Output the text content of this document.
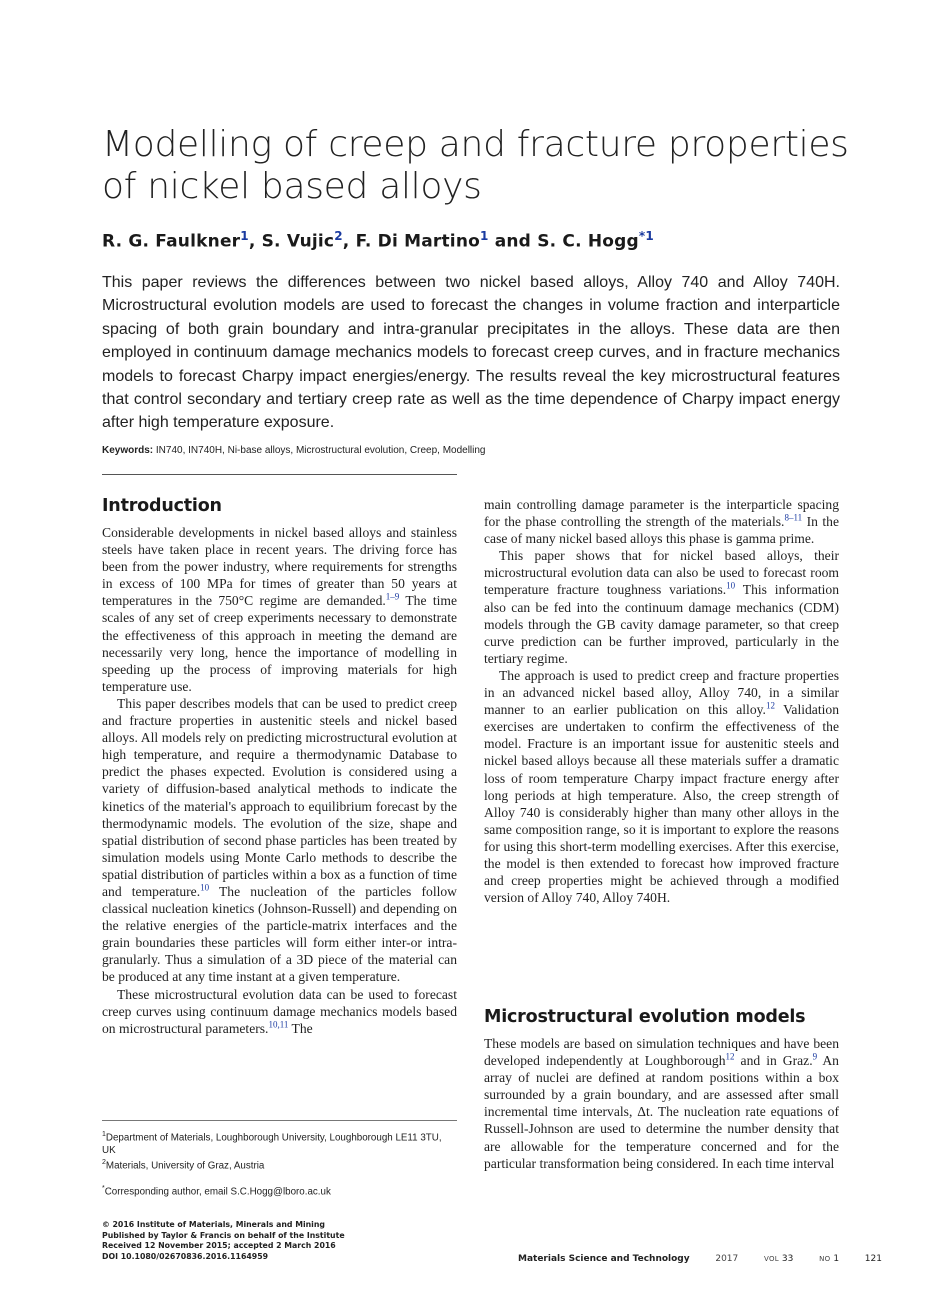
Modelling of creep and fracture properties of nickel based alloys
R. G. Faulkner$^1$, S. Vujic$^2$, F. Di Martino$^1$ and S. C. Hogg$^{*1}$
This paper reviews the differences between two nickel based alloys, Alloy 740 and Alloy 740H. Microstructural evolution models are used to forecast the changes in volume fraction and interparticle spacing of both grain boundary and intra-granular precipitates in the alloys. These data are then employed in continuum damage mechanics models to forecast creep curves, and in fracture mechanics models to forecast Charpy impact energies/energy. The results reveal the key microstructural features that control secondary and tertiary creep rate as well as the time dependence of Charpy impact energy after high temperature exposure.
Keywords: IN740, IN740H, Ni-base alloys, Microstructural evolution, Creep, Modelling
Introduction

Considerable developments in nickel based alloys and stainless steels have taken place in recent years. The driving force has been from the power industry, where requirements for strengths in excess of 100 MPa for times of greater than 50 years at temperatures in the 750°C regime are demanded.$^{1-9}$ The time scales of any set of creep experiments necessary to demonstrate the effectiveness of this approach in meeting the demand are necessarily very long, hence the importance of modelling in speeding up the process of improving materials for high temperature use.

This paper describes models that can be used to predict creep and fracture properties in austenitic steels and nickel based alloys. All models rely on predicting microstructural evolution at high temperature, and require a thermodynamic Database to predict the phases expected. Evolution is considered using a variety of diffusion-based analytical methods to indicate the kinetics of the material's approach to equilibrium forecast by the thermodynamic models. The evolution of the size, shape and spatial distribution of second phase particles has been treated by simulation models using Monte Carlo methods to describe the spatial distribution of particles within a box as a function of time and temperature.$^{10}$ The nucleation of the particles follow classical nucleation kinetics (Johnson-Russell) and depending on the relative energies of the particle-matrix interfaces and the grain boundaries these particles will form either inter-or intra-granularly. Thus a simulation of a 3D piece of the material can be produced at any time instant at a given temperature.

These microstructural evolution data can be used to forecast creep curves using continuum damage mechanics models based on microstructural parameters.$^{10,11}$ The

$^1$Department of Materials, Loughborough University, Loughborough LE11 3TU, UK
$^2$Materials, University of Graz, Austria
*Corresponding author, email S.C.Hogg@lboro.ac.uk

main controlling damage parameter is the interparticle spacing for the phase controlling the strength of the materials.$^{8-11}$ In the case of many nickel based alloys this phase is gamma prime.

This paper shows that for nickel based alloys, their microstructural evolution data can also be used to forecast room temperature fracture toughness variations.$^{10}$ This information also can be fed into the continuum damage mechanics (CDM) models through the GB cavity damage parameter, so that creep curve prediction can be further improved, particularly in the tertiary regime.

The approach is used to predict creep and fracture properties in an advanced nickel based alloy, Alloy 740, in a similar manner to an earlier publication on this alloy.$^{12}$ Validation exercises are undertaken to confirm the effectiveness of the model. Fracture is an important issue for austenitic steels and nickel based alloys because all these materials suffer a dramatic loss of room temperature Charpy impact fracture energy after long periods at high temperature. Also, the creep strength of Alloy 740 is considerably higher than many other alloys in the same composition range, so it is important to explore the reasons for using this short-term modelling exercises. After this exercise, the model is then extended to forecast how improved fracture and creep properties might be achieved through a modified version of Alloy 740, Alloy 740H.

Microstructural evolution models

These models are based on simulation techniques and have been developed independently at Loughborough$^{12}$ and in Graz.$^9$ An array of nuclei are defined at random positions within a box surrounded by a grain boundary, and are assessed after small incremental time intervals, Δt. The nucleation rate equations of Russell-Johnson are used to determine the number density that are allowable for the temperature concerned and for the particular transformation being considered. In each time interval

© 2016 Institute of Materials, Minerals and Mining
Published by Taylor & Francis on behalf of the Institute
Received 12 November 2015; accepted 2 March 2016
DOI 10.1080/02670836.2016.1164959	Materials Science and Technology	2017	VOL 33	NO 1	121
